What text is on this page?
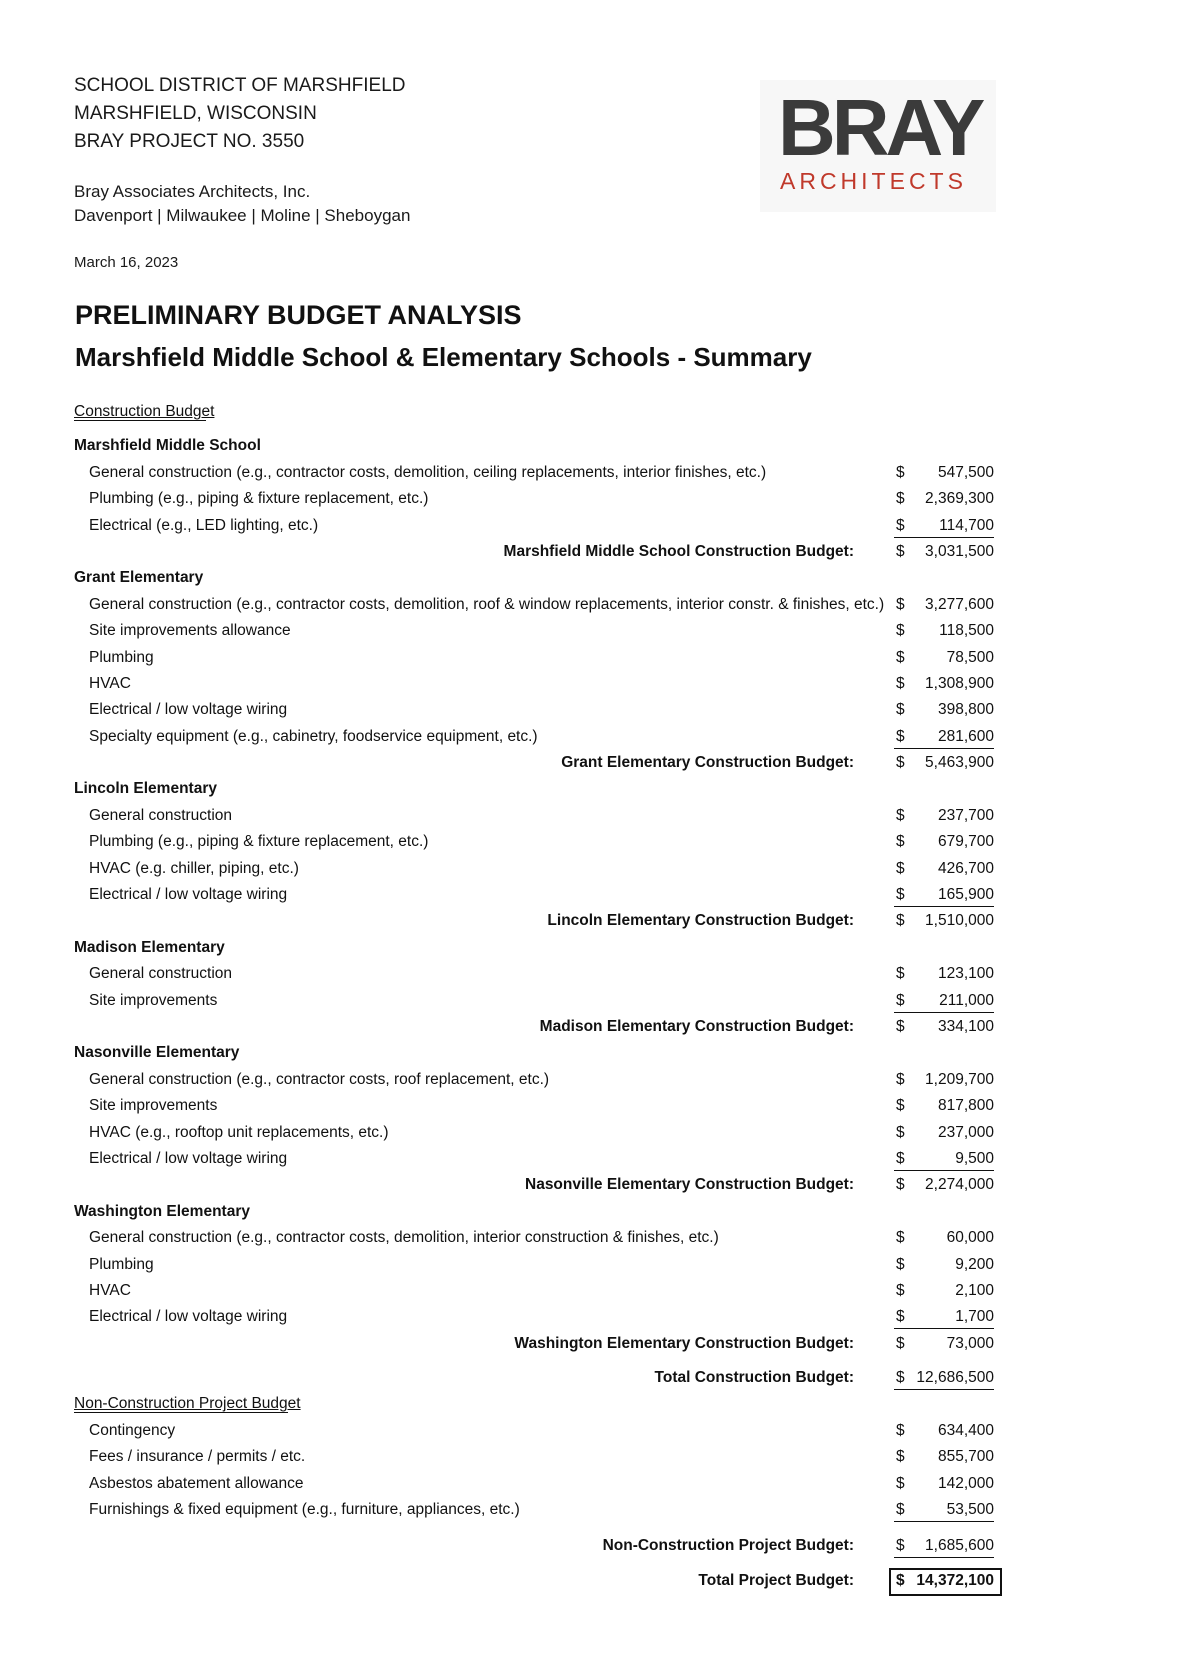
SCHOOL DISTRICT OF MARSHFIELD
MARSHFIELD, WISCONSIN
BRAY PROJECT NO. 3550
Bray Associates Architects, Inc.
Davenport | Milwaukee | Moline | Sheboygan
March 16, 2023
BRAY
ARCHITECTS
PRELIMINARY BUDGET ANALYSIS
Marshfield Middle School & Elementary Schools - Summary
Construction Budget
Marshfield Middle School
General construction (e.g., contractor costs, demolition, ceiling replacements, interior finishes, etc.)	$	547,500
Plumbing (e.g., piping & fixture replacement, etc.)	$	2,369,300
Electrical (e.g., LED lighting, etc.)	$	114,700
Marshfield Middle School Construction Budget:	$	3,031,500
Grant Elementary
General construction (e.g., contractor costs, demolition, roof & window replacements, interior constr. & finishes, etc.) $	3,277,600
Site improvements allowance	$	118,500
Plumbing	$	78,500
HVAC	$	1,308,900
Electrical / low voltage wiring	$	398,800
Specialty equipment (e.g., cabinetry, foodservice equipment, etc.)	$	281,600
Grant Elementary Construction Budget:	$	5,463,900
Lincoln Elementary
General construction	$	237,700
Plumbing (e.g., piping & fixture replacement, etc.)	$	679,700
HVAC (e.g. chiller, piping, etc.)	$	426,700
Electrical / low voltage wiring	$	165,900
Lincoln Elementary Construction Budget:	$	1,510,000
Madison Elementary
General construction	$	123,100
Site improvements	$	211,000
Madison Elementary Construction Budget:	$	334,100
Nasonville Elementary
General construction (e.g., contractor costs, roof replacement, etc.)	$	1,209,700
Site improvements	$	817,800
HVAC (e.g., rooftop unit replacements, etc.)	$	237,000
Electrical / low voltage wiring	$	9,500
Nasonville Elementary Construction Budget:	$	2,274,000
Washington Elementary
General construction (e.g., contractor costs, demolition, interior construction & finishes, etc.)	$	60,000
Plumbing	$	9,200
HVAC	$	2,100
Electrical / low voltage wiring	$	1,700
Washington Elementary Construction Budget:	$	73,000
Total Construction Budget:	$ 12,686,500
Non-Construction Project Budget
Contingency	$	634,400
Fees / insurance / permits / etc.	$	855,700
Asbestos abatement allowance	$	142,000
Furnishings & fixed equipment (e.g., furniture, appliances, etc.)	$	53,500
Non-Construction Project Budget:	$	1,685,600
Total Project Budget:	$ 14,372,100
